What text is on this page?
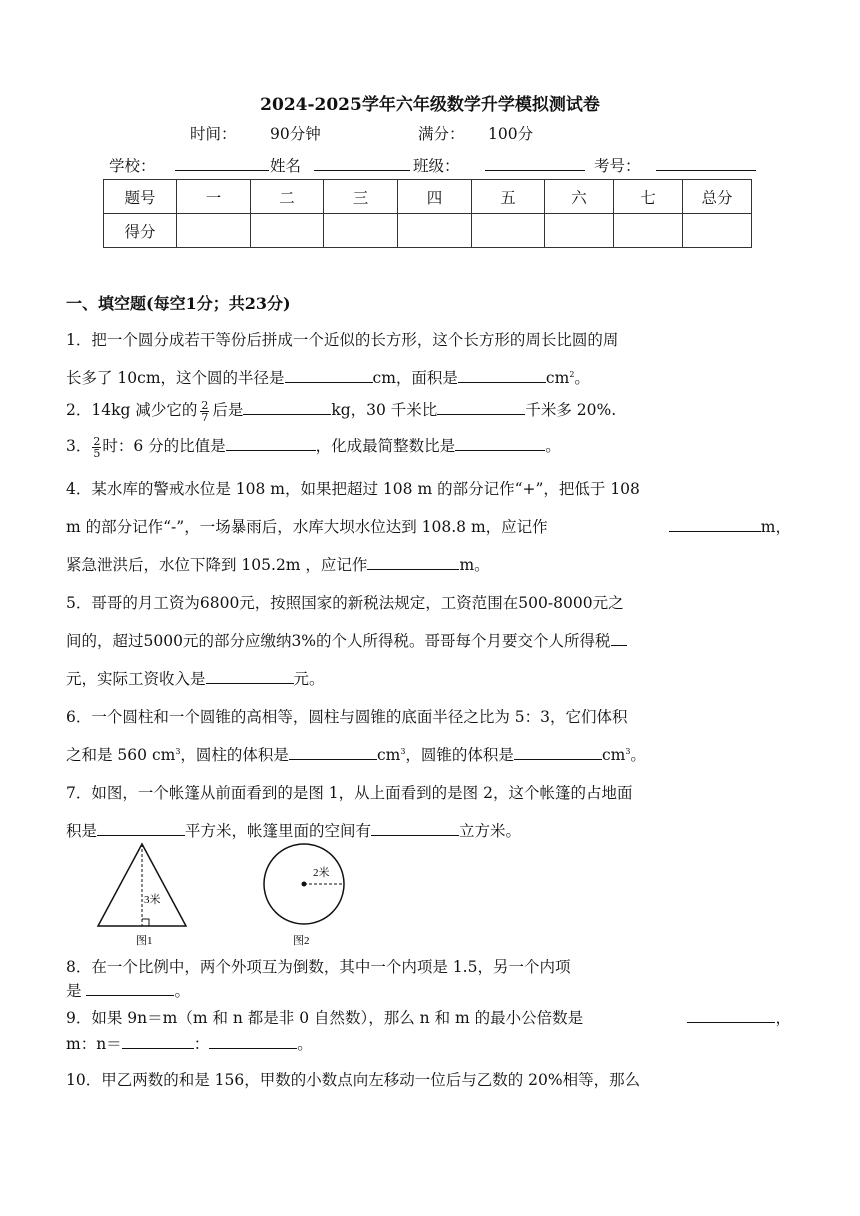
2024-2025学年六年级数学升学模拟测试卷
时间： 90分钟	满分： 100分
学校：	姓名	班级：	考号：
题号	一	二	三	四	五	六	七	总分
得分								
一、填空题(每空1分；共23分)
1．把一个圆分成若干等份后拼成一个近似的长方形，这个长方形的周长比圆的周
长多了 10cm，这个圆的半径是	cm，面积是	$cm^2$。
2．14kg 减少它的 $\frac{2}{7}$ 后是	kg，30 千米比	千米多 20%.
3． $\frac{2}{5}$ 时：6 分的比值是	，化成最简整数比是	。
4．某水库的警戒水位是 108 m，如果把超过 108 m 的部分记作“+”，把低于 108
m 的部分记作“-”，一场暴雨后，水库大坝水位达到 108.8 m，应记作	m，
紧急泄洪后，水位下降到 105.2m ，应记作	m。
5．哥哥的月工资为6800元，按照国家的新税法规定，工资范围在500-8000元之
间的，超过5000元的部分应缴纳3%的个人所得税。哥哥每个月要交个人所得税
元，实际工资收入是	元。
6．一个圆柱和一个圆锥的高相等，圆柱与圆锥的底面半径之比为 5：3，它们体积
之和是 560 $cm^3$，圆柱的体积是	$cm^3$，圆锥的体积是	$cm^3$。
7．如图，一个帐篷从前面看到的是图 1，从上面看到的是图 2，这个帐篷的占地面
积是	平方米，帐篷里面的空间有	立方米。
3米
图1
2米
图2
8．在一个比例中，两个外项互为倒数，其中一个内项是 1.5，另一个内项
是	。
9．如果 9n＝m（m 和 n 都是非 0 自然数），那么 n 和 m 的最小公倍数是	，
m：n＝	：	。
10．甲乙两数的和是 156，甲数的小数点向左移动一位后与乙数的 20%相等，那么
